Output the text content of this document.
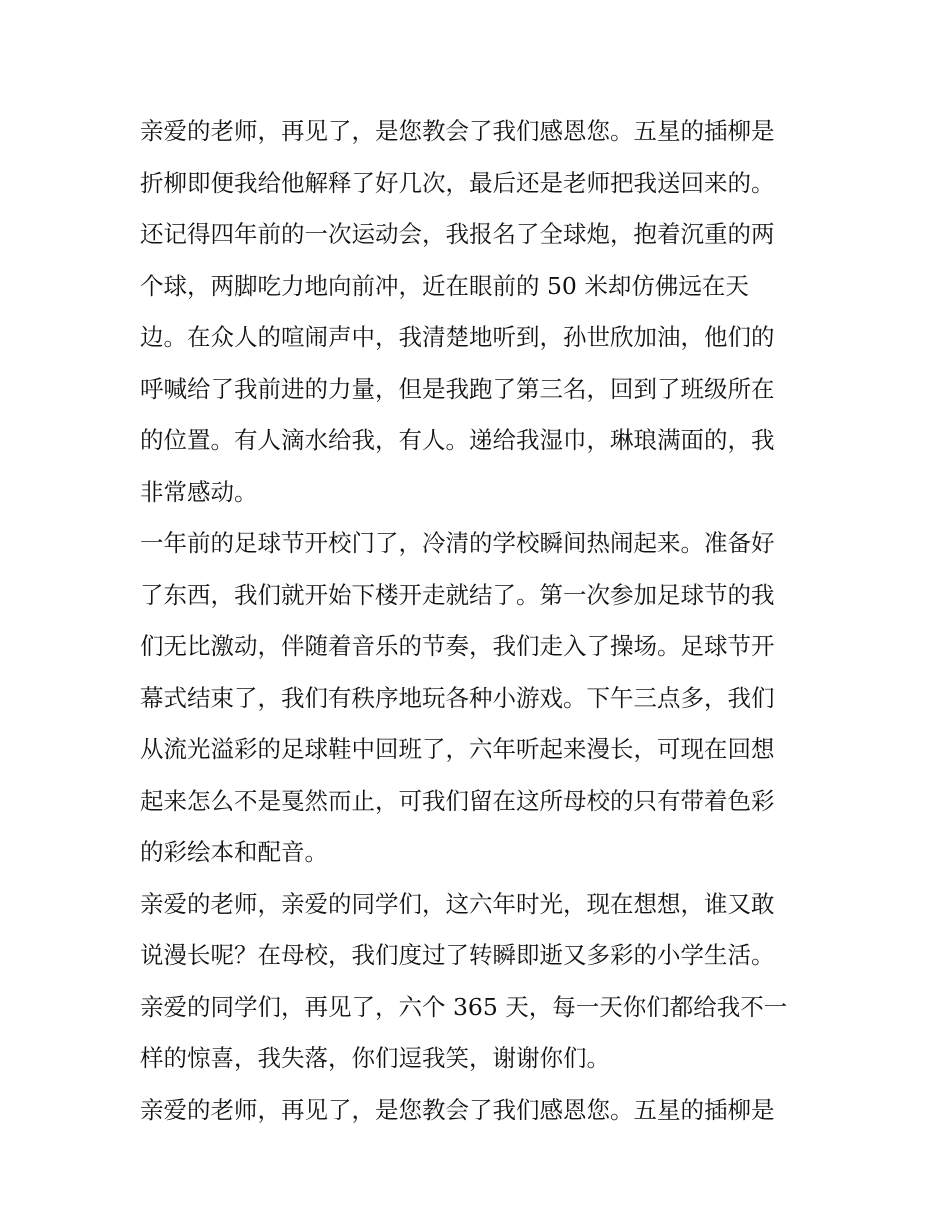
亲爱的老师，再见了，是您教会了我们感恩您。五星的插柳是
折柳即便我给他解释了好几次，最后还是老师把我送回来的。
还记得四年前的一次运动会，我报名了全球炮，抱着沉重的两
个球，两脚吃力地向前冲，近在眼前的 50 米却仿佛远在天
边。在众人的喧闹声中，我清楚地听到，孙世欣加油，他们的
呼喊给了我前进的力量，但是我跑了第三名，回到了班级所在
的位置。有人滴水给我，有人。递给我湿巾，琳琅满面的，我
非常感动。
一年前的足球节开校门了，冷清的学校瞬间热闹起来。准备好
了东西，我们就开始下楼开走就结了。第一次参加足球节的我
们无比激动，伴随着音乐的节奏，我们走入了操场。足球节开
幕式结束了，我们有秩序地玩各种小游戏。下午三点多，我们
从流光溢彩的足球鞋中回班了，六年听起来漫长，可现在回想
起来怎么不是戛然而止，可我们留在这所母校的只有带着色彩
的彩绘本和配音。
亲爱的老师，亲爱的同学们，这六年时光，现在想想，谁又敢
说漫长呢？在母校，我们度过了转瞬即逝又多彩的小学生活。
亲爱的同学们，再见了，六个 365 天，每一天你们都给我不一
样的惊喜，我失落，你们逗我笑，谢谢你们。
亲爱的老师，再见了，是您教会了我们感恩您。五星的插柳是
